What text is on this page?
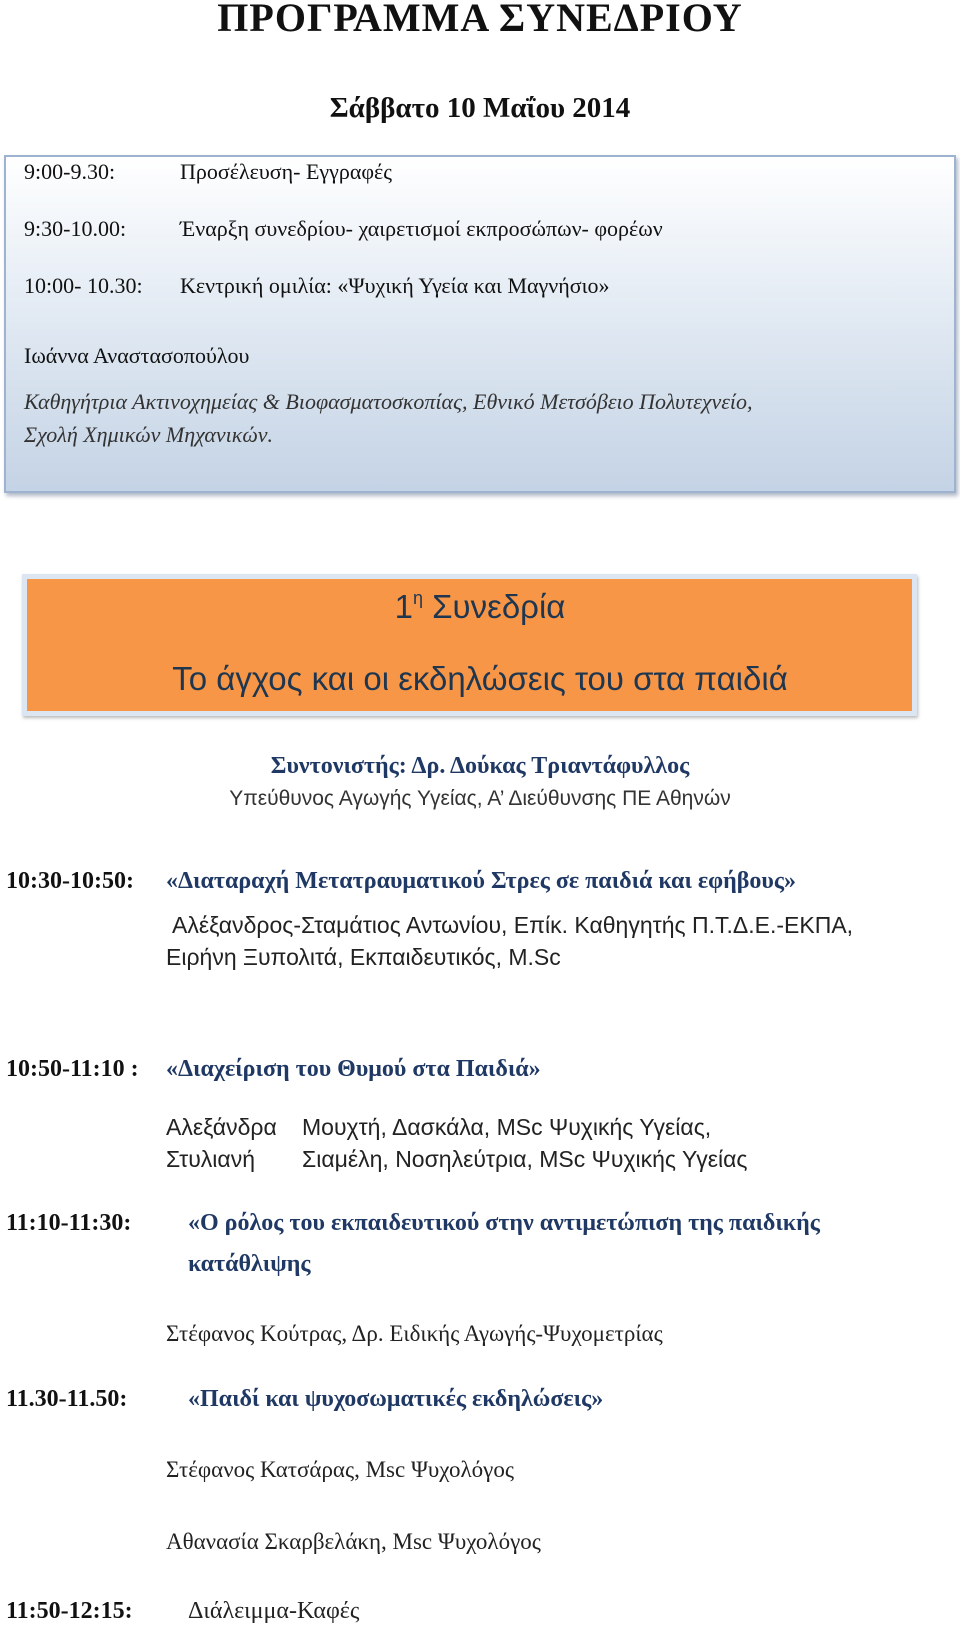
ΠΡΟΓΡΑΜΜΑ ΣΥΝΕΔΡΙΟΥ
Σάββατο 10 Μαΐου 2014
9:00-9.30:	Προσέλευση- Εγγραφές
9:30-10.00: Έναρξη συνεδρίου- χαιρετισμοί εκπροσώπων- φορέων
10:00- 10.30: Κεντρική ομιλία: «Ψυχική Υγεία και Μαγνήσιο»
Ιωάννα Αναστασοπούλου
Καθηγήτρια Ακτινοχημείας & Βιοφασματοσκοπίας, Εθνικό Μετσόβειο Πολυτεχνείο,
Σχολή Χημικών Μηχανικών.
$1^\eta$ Συνεδρία
Το άγχος και οι εκδηλώσεις του στα παιδιά
Συντονιστής: Δρ. Δούκας Τριαντάφυλλος
Υπεύθυνος Αγωγής Υγείας, Α’ Διεύθυνσης ΠΕ Αθηνών
10:30-10:50: «Διαταραχή Μετατραυματικού Στρες σε παιδιά και εφήβους»
Αλέξανδρος-Σταμάτιος Αντωνίου, Επίκ. Καθηγητής Π.Τ.Δ.Ε.-ΕΚΠΑ,
Ειρήνη Ξυπολιτά, Εκπαιδευτικός, M.Sc
10:50-11:10 : «Διαχείριση του Θυμού στα Παιδιά»
Αλεξάνδρα Μουχτή, Δασκάλα, MSc Ψυχικής Υγείας,
Στυλιανή Σιαμέλη, Νοσηλεύτρια, MSc Ψυχικής Υγείας
11:10-11:30: «Ο ρόλος του εκπαιδευτικού στην αντιμετώπιση της παιδικής
κατάθλιψης
Στέφανος Κούτρας, Δρ. Ειδικής Αγωγής-Ψυχομετρίας
11.30-11.50:	«Παιδί και ψυχοσωματικές εκδηλώσεις»
Στέφανος Κατσάρας, Msc Ψυχολόγος
Αθανασία Σκαρβελάκη, Msc Ψυχολόγος
11:50-12:15: Διάλειμμα-Καφές
